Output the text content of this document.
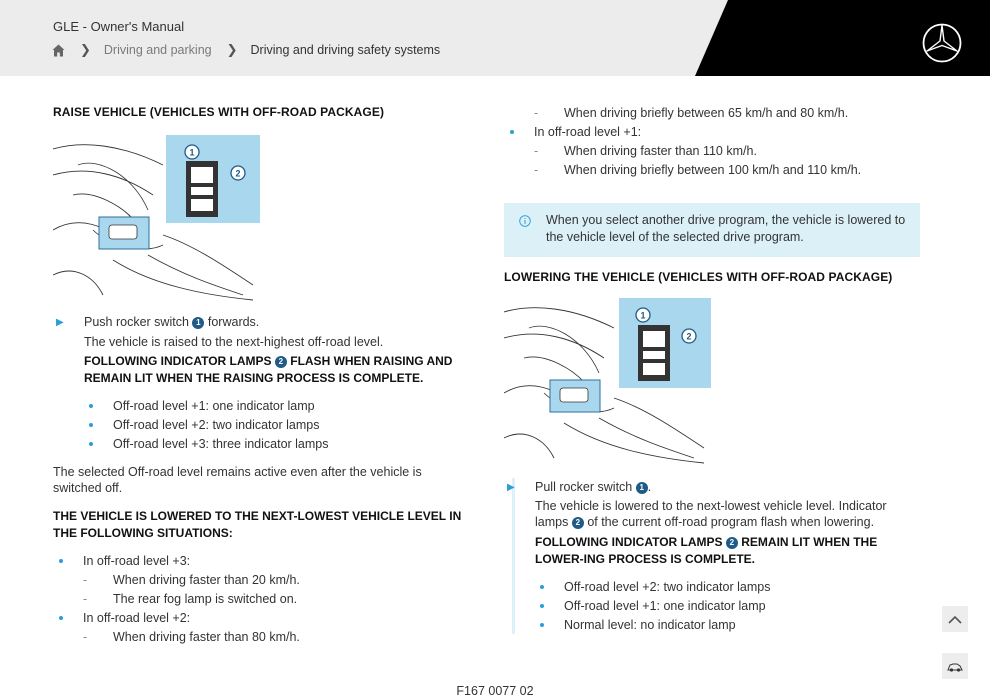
GLE - Owner's Manual
❯ Driving and parking ❯ Driving and driving safety systems
RAISE VEHICLE (VEHICLES WITH OFF-ROAD PACKAGE)
1
2
▶ Push rocker switch 1 forwards.
The vehicle is raised to the next-highest off-road level.
FOLLOWING INDICATOR LAMPS 2 FLASH WHEN RAISING AND REMAIN LIT WHEN THE RAISING PROCESS IS COMPLETE.
Off-road level +1: one indicator lamp
Off-road level +2: two indicator lamps
Off-road level +3: three indicator lamps
The selected Off-road level remains active even after the vehicle is switched off.
THE VEHICLE IS LOWERED TO THE NEXT-LOWEST VEHICLE LEVEL IN THE FOLLOWING SITUATIONS:
In off-road level +3:
- When driving faster than 20 km/h.
- The rear fog lamp is switched on.
In off-road level +2:
- When driving faster than 80 km/h.
- When driving briefly between 65 km/h and 80 km/h.
In off-road level +1:
- When driving faster than 110 km/h.
- When driving briefly between 100 km/h and 110 km/h.
When you select another drive program, the vehicle is lowered to the vehicle level of the selected drive program.
LOWERING THE VEHICLE (VEHICLES WITH OFF-ROAD PACKAGE)
1
2
▶ Pull rocker switch 1 .
The vehicle is lowered to the next-lowest vehicle level. Indicator lamps 2 of the current off-road program flash when lowering.
FOLLOWING INDICATOR LAMPS 2 REMAIN LIT WHEN THE LOWER-ING PROCESS IS COMPLETE.
Off-road level +2: two indicator lamps
Off-road level +1: one indicator lamp
Normal level: no indicator lamp
F167 0077 02
